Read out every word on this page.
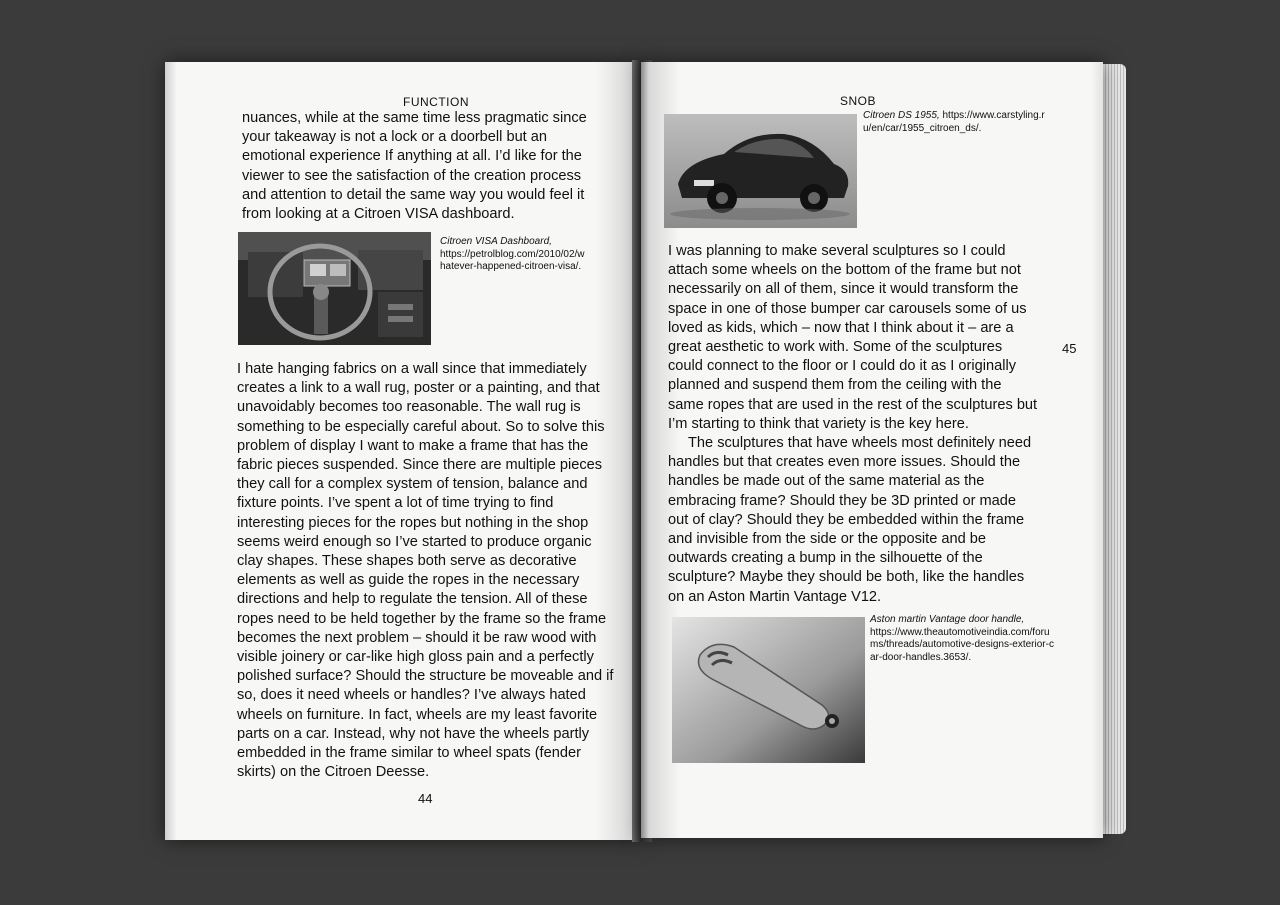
FUNCTION

nuances, while at the same time less pragmatic since your takeaway is not a lock or a doorbell but an emotional experience If anything at all. I’d like for the viewer to see the satisfaction of the creation process and attention to detail the same way you would feel it from looking at a Citroen VISA dashboard.

Citroen VISA Dashboard,
https://petrolblog.com/2010/02/whatever-happened-citroen-visa/.

I hate hanging fabrics on a wall since that immediately creates a link to a wall rug, poster or a painting, and that unavoidably becomes too reasonable. The wall rug is something to be especially careful about. So to solve this problem of display I want to make a frame that has the fabric pieces suspended. Since there are multiple pieces they call for a complex system of tension, balance and fixture points. I’ve spent a lot of time trying to find interesting pieces for the ropes but nothing in the shop seems weird enough so I’ve started to produce organic clay shapes. These shapes both serve as decorative elements as well as guide the ropes in the necessary directions and help to regulate the tension. All of these ropes need to be held together by the frame so the frame becomes the next problem – should it be raw wood with visible joinery or car-like high gloss pain and a perfectly polished surface? Should the structure be moveable and if so, does it need wheels or handles? I’ve always hated wheels on furniture. In fact, wheels are my least favorite parts on a car. Instead, why not have the wheels partly embedded in the frame similar to wheel spats (fender skirts) on the Citroen Deesse.

44
SNOB
Citroen DS 1955, https://www.carstyling.ru/en/car/1955_citroen_ds/.

I was planning to make several sculptures so I could attach some wheels on the bottom of the frame but not necessarily on all of them, since it would transform the space in one of those bumper car carousels some of us loved as kids, which – now that I think about it – are a great aesthetic to work with. Some of the sculptures could connect to the floor or I could do it as I originally planned and suspend them from the ceiling with the same ropes that are used in the rest of the sculptures but I’m starting to think that variety is the key here.

The sculptures that have wheels most definitely need handles but that creates even more issues. Should the handles be made out of the same material as the embracing frame? Should they be 3D printed or made out of clay? Should they be embedded within the frame and invisible from the side or the opposite and be outwards creating a bump in the silhouette of the sculpture? Maybe they should be both, like the handles on an Aston Martin Vantage V12.

Aston martin Vantage door handle,
https://www.theautomotiveindia.com/forums/threads/automotive-designs-exterior-car-door-handles.3653/.
45
